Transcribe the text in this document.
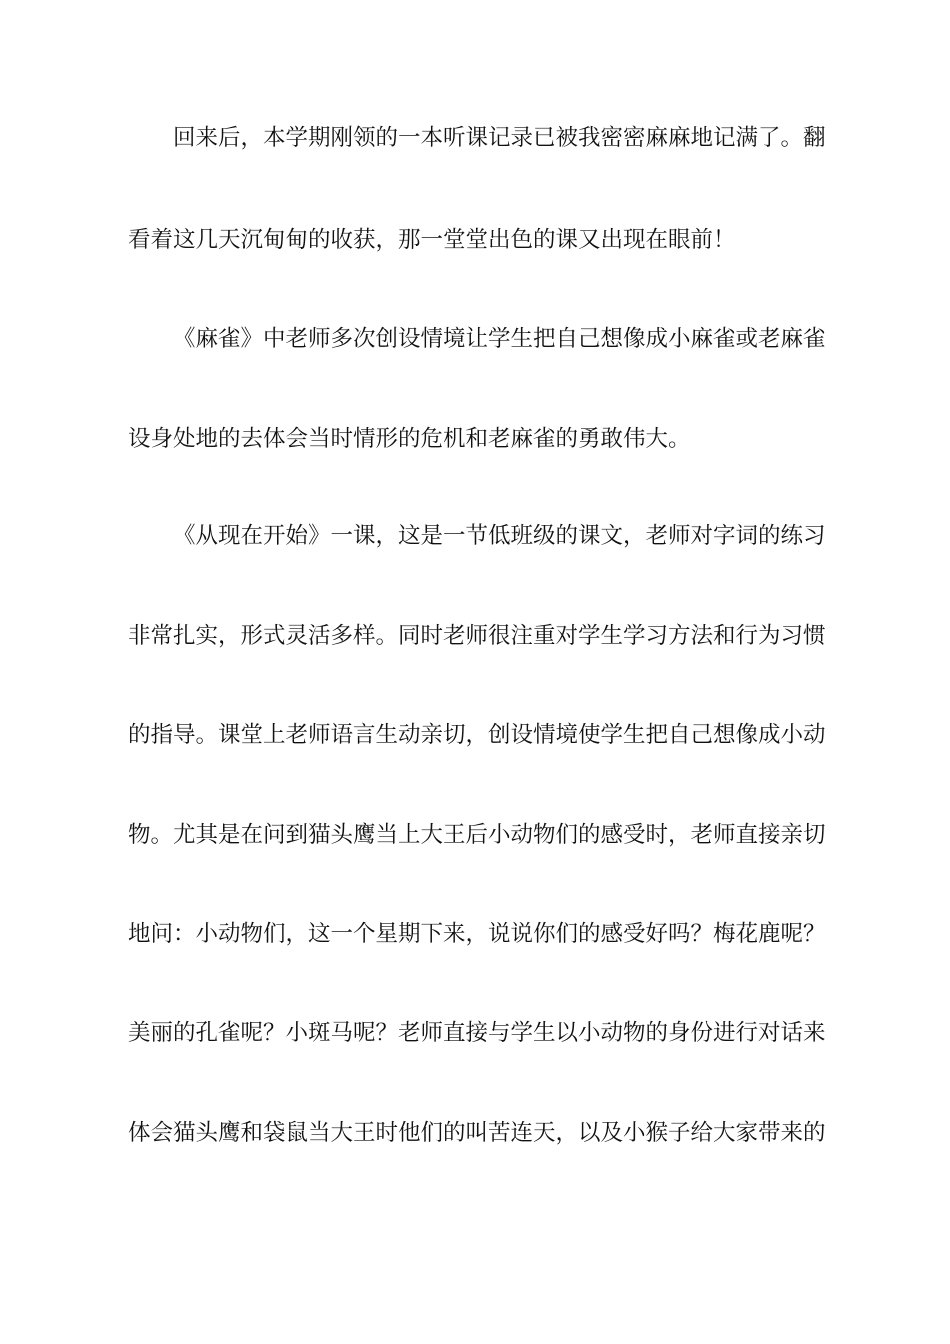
回来后，本学期刚领的一本听课记录已被我密密麻麻地记满了。翻
看着这几天沉甸甸的收获，那一堂堂出色的课又出现在眼前！
《麻雀》中老师多次创设情境让学生把自己想像成小麻雀或老麻雀
设身处地的去体会当时情形的危机和老麻雀的勇敢伟大。
《从现在开始》一课，这是一节低班级的课文，老师对字词的练习
非常扎实，形式灵活多样。同时老师很注重对学生学习方法和行为习惯
的指导。课堂上老师语言生动亲切，创设情境使学生把自己想像成小动
物。尤其是在问到猫头鹰当上大王后小动物们的感受时，老师直接亲切
地问：小动物们，这一个星期下来，说说你们的感受好吗？梅花鹿呢？
美丽的孔雀呢？小斑马呢？老师直接与学生以小动物的身份进行对话来
体会猫头鹰和袋鼠当大王时他们的叫苦连天，以及小猴子给大家带来的
